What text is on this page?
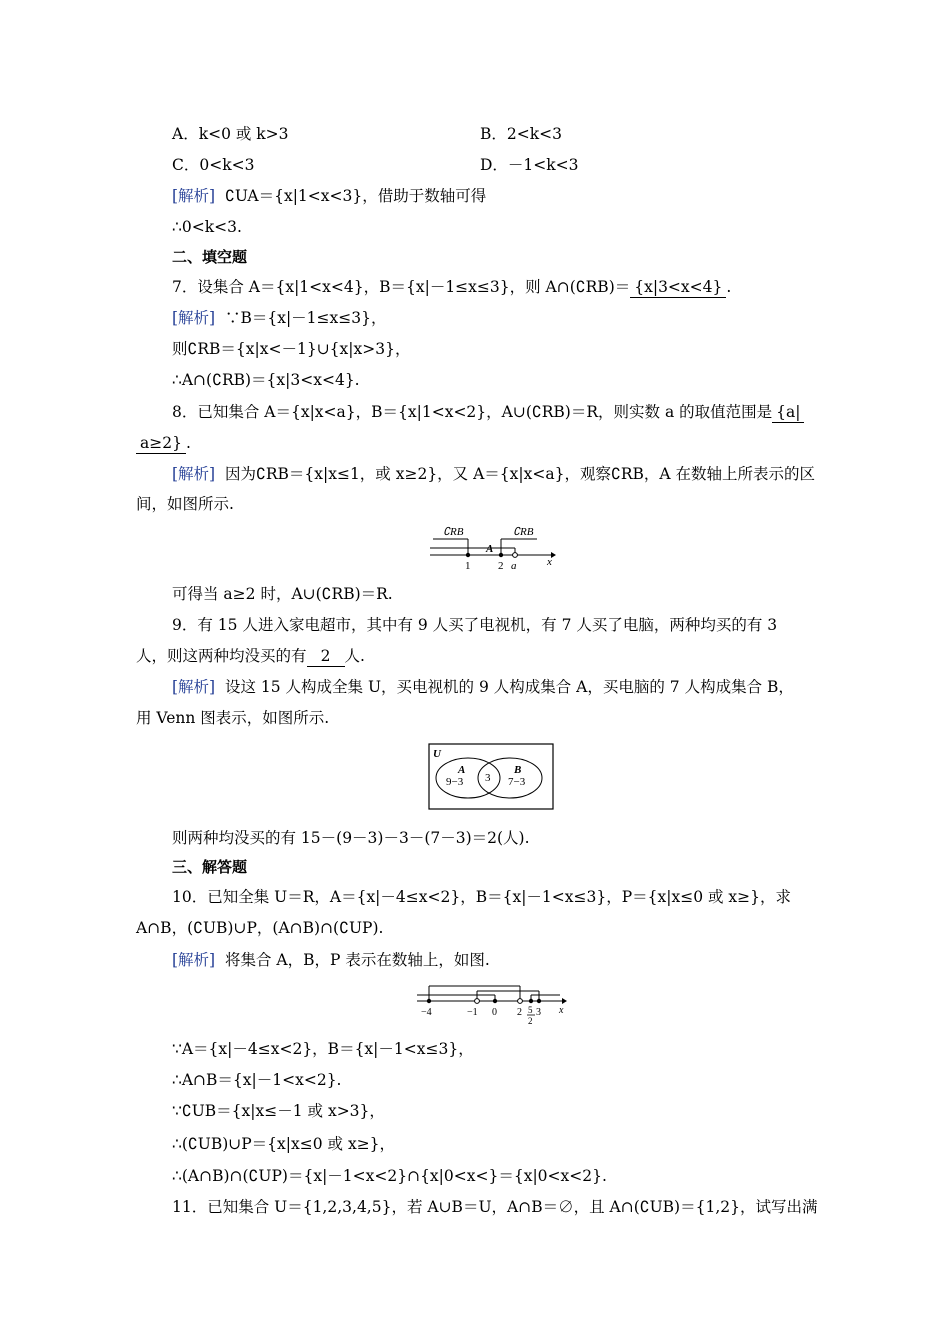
A．k<0 或 k>3	B．2<k<3
C．0<k<3	D．－1<k<3
[解析] ∁UA＝{x|1<x<3}，借助于数轴可得
∴0<k<3.
二、填空题
7．设集合 A＝{x|1<x<4}，B＝{x|－1≤x≤3}，则 A∩(∁RB)＝ {x|3<x<4} .
[解析] ∵B＝{x|－1≤x≤3}，
则∁RB＝{x|x<－1}∪{x|x>3}，
∴A∩(∁RB)＝{x|3<x<4}.
8．已知集合 A＝{x|x<a}，B＝{x|1<x<2}，A∪(∁RB)＝R，则实数 a 的取值范围是 {a|
a≥2} .
[解析] 因为∁RB＝{x|x≤1，或 x≥2}，又 A＝{x|x<a}，观察∁RB，A 在数轴上所表示的区
间，如图所示.
∁RB	∁RB
A
1	2 a	x
可得当 a≥2 时，A∪(∁RB)＝R.
9．有 15 人进入家电超市，其中有 9 人买了电视机，有 7 人买了电脑，两种均买的有 3
人，则这两种均没买的有 2 人.
[解析] 设这 15 人构成全集 U，买电视机的 9 人构成集合 A，买电脑的 7 人构成集合 B，
用 Venn 图表示，如图所示.
U
A
9−3 3
B
7−3
则两种均没买的有 15－(9－3)－3－(7－3)＝2(人).
三、解答题
10．已知全集 U＝R，A＝{x|－4≤x<2}，B＝{x|－1<x≤3}，P＝{x|x≤0 或 x≥}，求
A∩B，(∁UB)∪P，(A∩B)∩(∁UP).
[解析] 将集合 A，B，P 表示在数轴上，如图.
−4	−1 0 2 5
2
3 x
∵A＝{x|－4≤x<2}，B＝{x|－1<x≤3}，
∴A∩B＝{x|－1<x<2}.
∵∁UB＝{x|x≤－1 或 x>3}，
∴(∁UB)∪P＝{x|x≤0 或 x≥}，
∴(A∩B)∩(∁UP)＝{x|－1<x<2}∩{x|0<x<}＝{x|0<x<2}.
11．已知集合 U＝{1,2,3,4,5}，若 A∪B＝U，A∩B＝∅，且 A∩(∁UB)＝{1,2}，试写出满
